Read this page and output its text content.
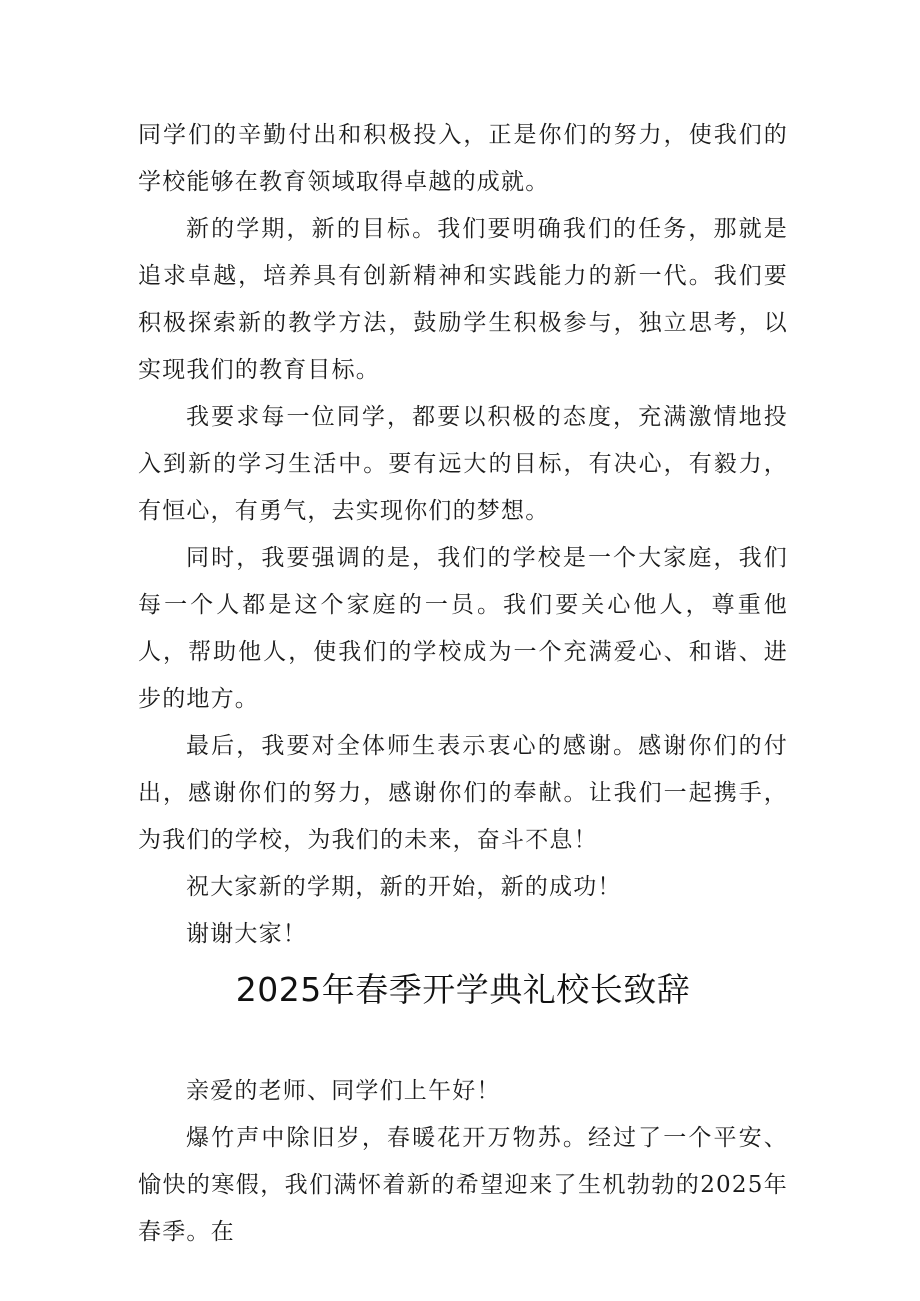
同学们的辛勤付出和积极投入，正是你们的努力，使我们的学校能够在教育领域取得卓越的成就。

新的学期，新的目标。我们要明确我们的任务，那就是追求卓越，培养具有创新精神和实践能力的新一代。我们要积极探索新的教学方法，鼓励学生积极参与，独立思考，以实现我们的教育目标。

我要求每一位同学，都要以积极的态度，充满激情地投入到新的学习生活中。要有远大的目标，有决心，有毅力，有恒心，有勇气，去实现你们的梦想。

同时，我要强调的是，我们的学校是一个大家庭，我们每一个人都是这个家庭的一员。我们要关心他人，尊重他人，帮助他人，使我们的学校成为一个充满爱心、和谐、进步的地方。

最后，我要对全体师生表示衷心的感谢。感谢你们的付出，感谢你们的努力，感谢你们的奉献。让我们一起携手，为我们的学校，为我们的未来，奋斗不息！

祝大家新的学期，新的开始，新的成功！

谢谢大家！

2025年春季开学典礼校长致辞

亲爱的老师、同学们上午好！

爆竹声中除旧岁，春暖花开万物苏。经过了一个平安、愉快的寒假，我们满怀着新的希望迎来了生机勃勃的2025年春季。在
